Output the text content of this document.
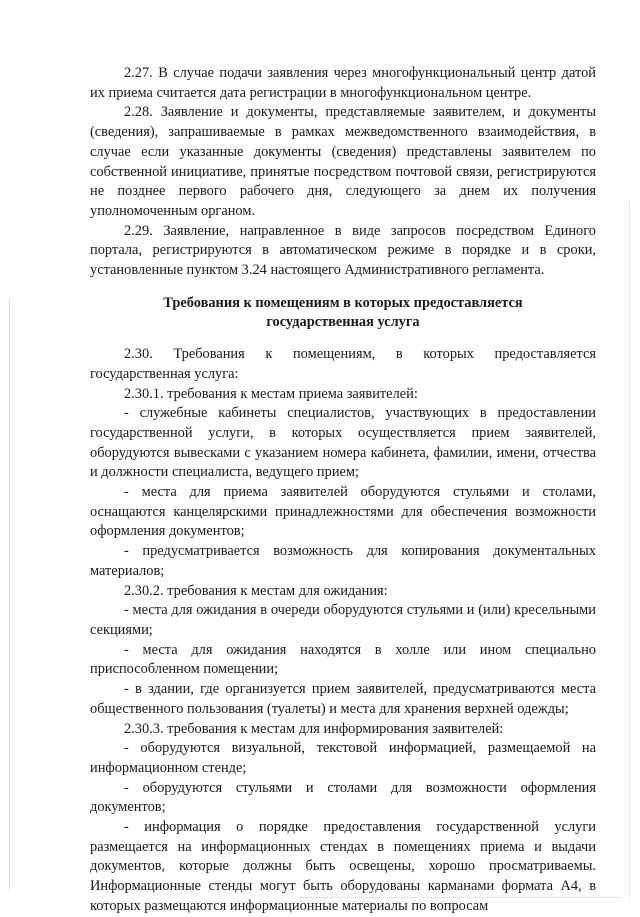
2.27. В случае подачи заявления через многофункциональный центр датой их приема считается дата регистрации в многофункциональном центре.

2.28. Заявление и документы, представляемые заявителем, и документы (сведения), запрашиваемые в рамках межведомственного взаимодействия, в случае если указанные документы (сведения) представлены заявителем по собственной инициативе, принятые посредством почтовой связи, регистрируются не позднее первого рабочего дня, следующего за днем их получения уполномоченным органом.

2.29. Заявление, направленное в виде запросов посредством Единого портала, регистрируются в автоматическом режиме в порядке и в сроки, установленные пунктом 3.24 настоящего Административного регламента.

Требования к помещениям в которых предоставляется государственная услуга

2.30. Требования к помещениям, в которых предоставляется государственная услуга:

2.30.1. требования к местам приема заявителей:

- служебные кабинеты специалистов, участвующих в предоставлении государственной услуги, в которых осуществляется прием заявителей, оборудуются вывесками с указанием номера кабинета, фамилии, имени, отчества и должности специалиста, ведущего прием;

- места для приема заявителей оборудуются стульями и столами, оснащаются канцелярскими принадлежностями для обеспечения возможности оформления документов;

- предусматривается возможность для копирования документальных материалов;

2.30.2. требования к местам для ожидания:

- места для ожидания в очереди оборудуются стульями и (или) кресельными секциями;

- места для ожидания находятся в холле или ином специально приспособленном помещении;

- в здании, где организуется прием заявителей, предусматриваются места общественного пользования (туалеты) и места для хранения верхней одежды;

2.30.3. требования к местам для информирования заявителей:

- оборудуются визуальной, текстовой информацией, размещаемой на информационном стенде;

- оборудуются стульями и столами для возможности оформления документов;

- информация о порядке предоставления государственной услуги размещается на информационных стендах в помещениях приема и выдачи документов, которые должны быть освещены, хорошо просматриваемы. Информационные стенды могут быть оборудованы карманами формата А4, в которых размещаются информационные материалы по вопросам
